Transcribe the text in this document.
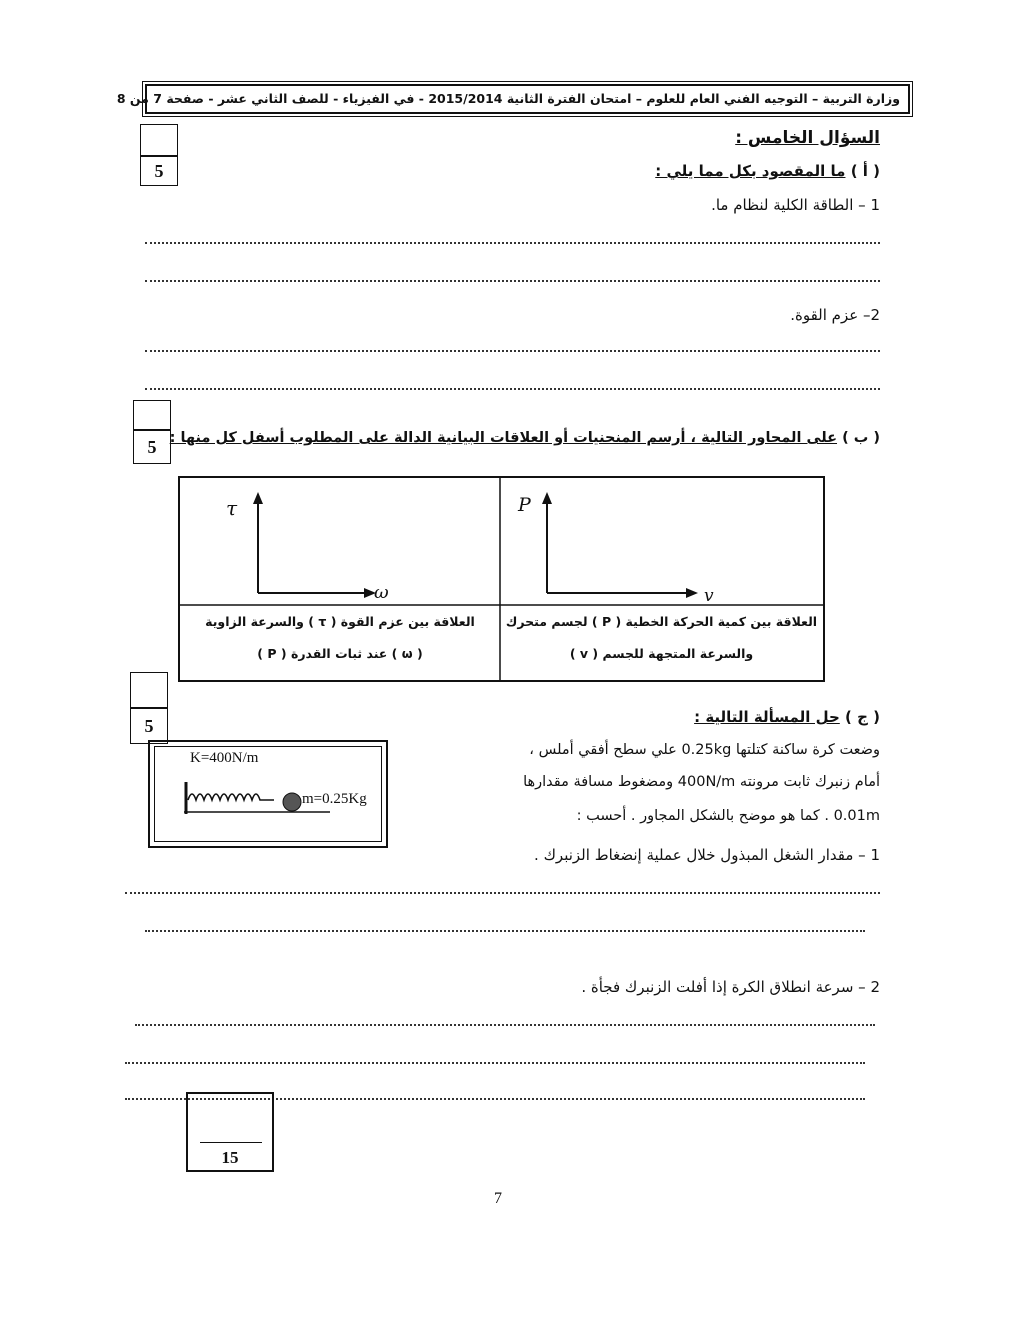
وزارة التربية – التوجيه الفني العام للعلوم – امتحان الفترة الثانية 2015/2014 - في الفيزياء - للصف الثاني عشر - صفحة 7 من 8
السؤال الخامس :
5	( أ ) ما المقصود بكل مما يلي :
1 – الطاقة الكلية لنظام ما.
2– عزم القوة.
5	( ب ) على المحاور التالية ، أرسم المنحنيات أو العلاقات البيانية الدالة على المطلوب أسفل كل منها :
τ
ω
P
v
العلاقة بين عزم القوة ( τ ) والسرعة الزاوية
( ω ) عند ثبات القدرة ( P )
العلاقة بين كمية الحركة الخطية ( P ) لجسم متحرك
والسرعة المتجهة للجسم ( v )
5	( ج ) حل المسألة التالية :
وضعت كرة ساكنة كتلتها 0.25kg علي سطح أفقي أملس ،
أمام زنبرك ثابت مرونته 400N/m ومضغوط مسافة مقدارها
0.01m . كما هو موضح بالشكل المجاور . أحسب :
K=400N/m
m=0.25Kg
1 – مقدار الشغل المبذول خلال عملية إنضغاط الزنبرك .
2 – سرعة انطلاق الكرة إذا أفلت الزنبرك فجأة .
15
7
